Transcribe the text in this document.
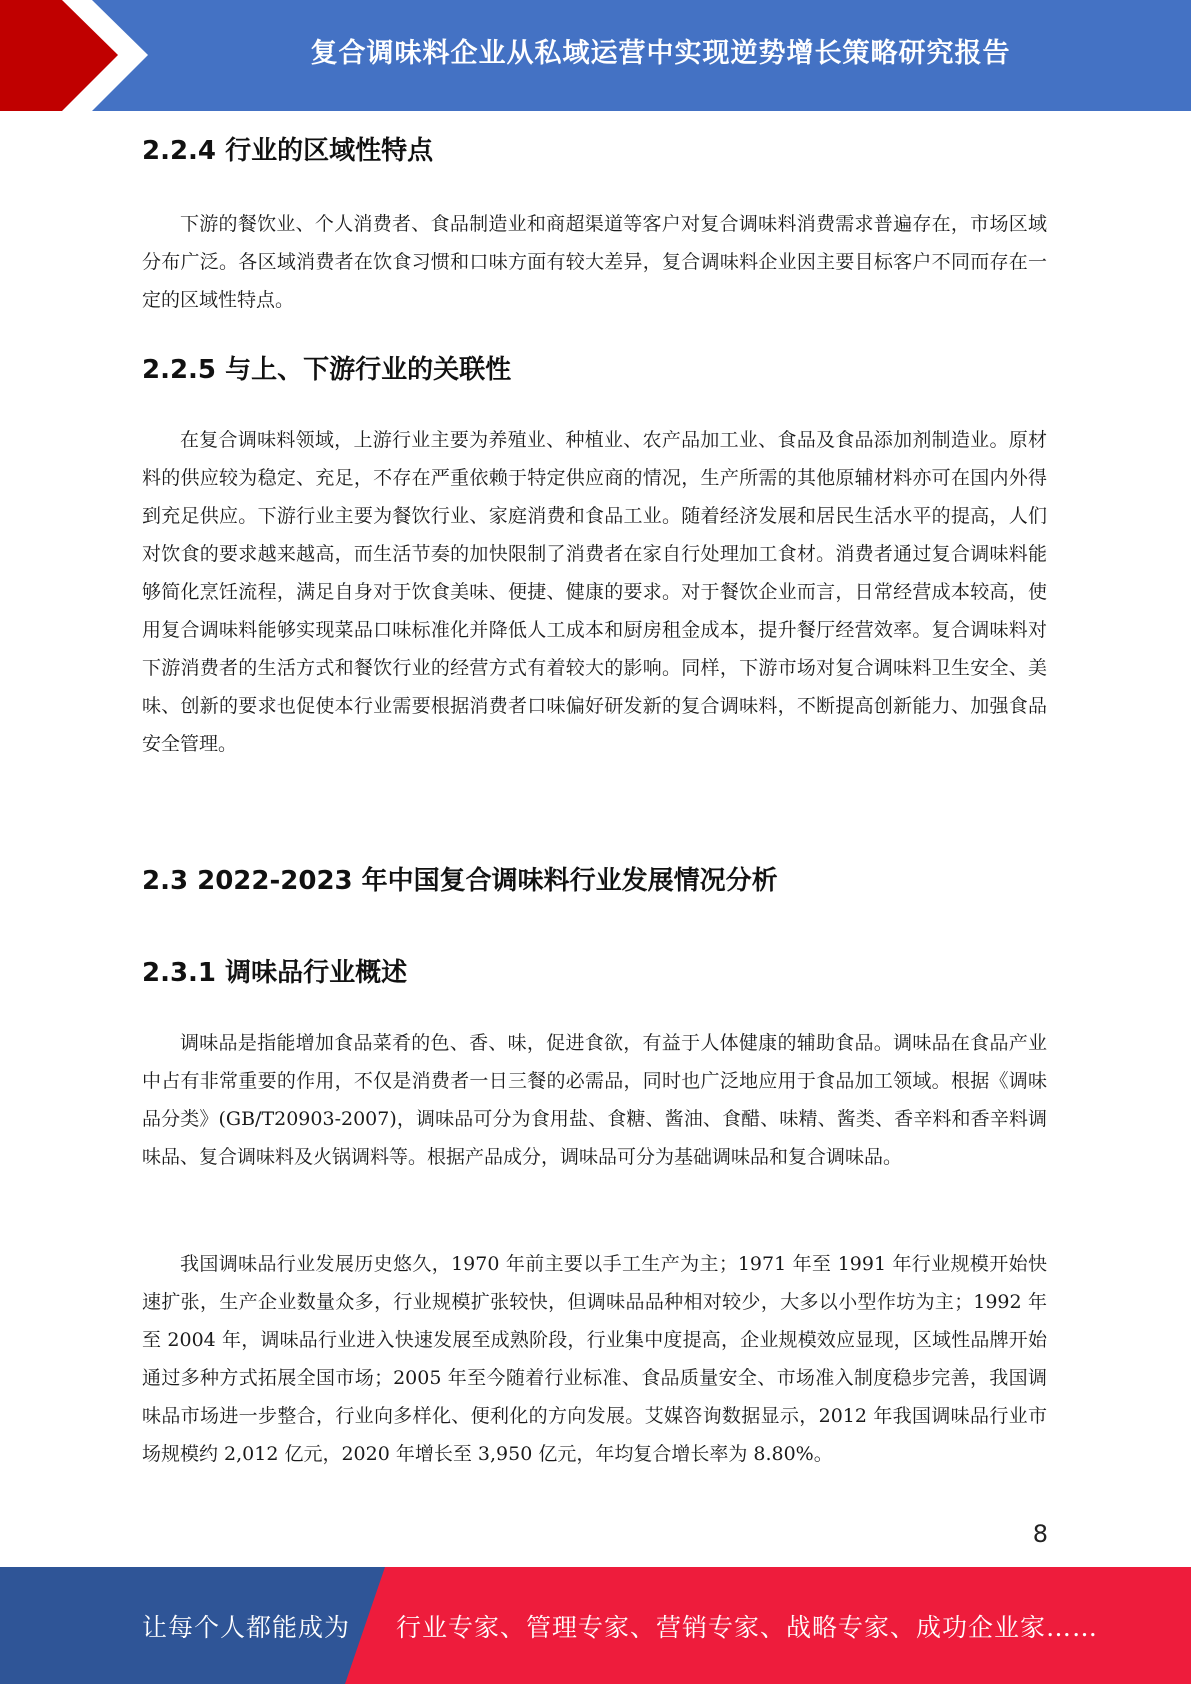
复合调味料企业从私域运营中实现逆势增长策略研究报告
2.2.4 行业的区域性特点

下游的餐饮业、个人消费者、食品制造业和商超渠道等客户对复合调味料消费需求普遍存在，市场区域分布广泛。各区域消费者在饮食习惯和口味方面有较大差异，复合调味料企业因主要目标客户不同而存在一定的区域性特点。

2.2.5 与上、下游行业的关联性

在复合调味料领域，上游行业主要为养殖业、种植业、农产品加工业、食品及食品添加剂制造业。原材料的供应较为稳定、充足，不存在严重依赖于特定供应商的情况，生产所需的其他原辅材料亦可在国内外得到充足供应。下游行业主要为餐饮行业、家庭消费和食品工业。随着经济发展和居民生活水平的提高，人们对饮食的要求越来越高，而生活节奏的加快限制了消费者在家自行处理加工食材。消费者通过复合调味料能够简化烹饪流程，满足自身对于饮食美味、便捷、健康的要求。对于餐饮企业而言，日常经营成本较高，使用复合调味料能够实现菜品口味标准化并降低人工成本和厨房租金成本，提升餐厅经营效率。复合调味料对下游消费者的生活方式和餐饮行业的经营方式有着较大的影响。同样，下游市场对复合调味料卫生安全、美味、创新的要求也促使本行业需要根据消费者口味偏好研发新的复合调味料，不断提高创新能力、加强食品安全管理。

2.3 2022-2023 年中国复合调味料行业发展情况分析
2.3.1 调味品行业概述

调味品是指能增加食品菜肴的色、香、味，促进食欲，有益于人体健康的辅助食品。调味品在食品产业中占有非常重要的作用，不仅是消费者一日三餐的必需品，同时也广泛地应用于食品加工领域。根据《调味品分类》(GB/T20903-2007)，调味品可分为食用盐、食糖、酱油、食醋、味精、酱类、香辛料和香辛料调味品、复合调味料及火锅调料等。根据产品成分，调味品可分为基础调味品和复合调味品。

我国调味品行业发展历史悠久，1970 年前主要以手工生产为主；1971 年至 1991 年行业规模开始快速扩张，生产企业数量众多，行业规模扩张较快，但调味品品种相对较少，大多以小型作坊为主；1992 年至 2004 年，调味品行业进入快速发展至成熟阶段，行业集中度提高，企业规模效应显现，区域性品牌开始通过多种方式拓展全国市场；2005 年至今随着行业标准、食品质量安全、市场准入制度稳步完善，我国调味品市场进一步整合，行业向多样化、便利化的方向发展。艾媒咨询数据显示，2012 年我国调味品行业市场规模约 2,012 亿元，2020 年增长至 3,950 亿元，年均复合增长率为 8.80%。

8
让每个人都能成为 行业专家、管理专家、营销专家、战略专家、成功企业家……
